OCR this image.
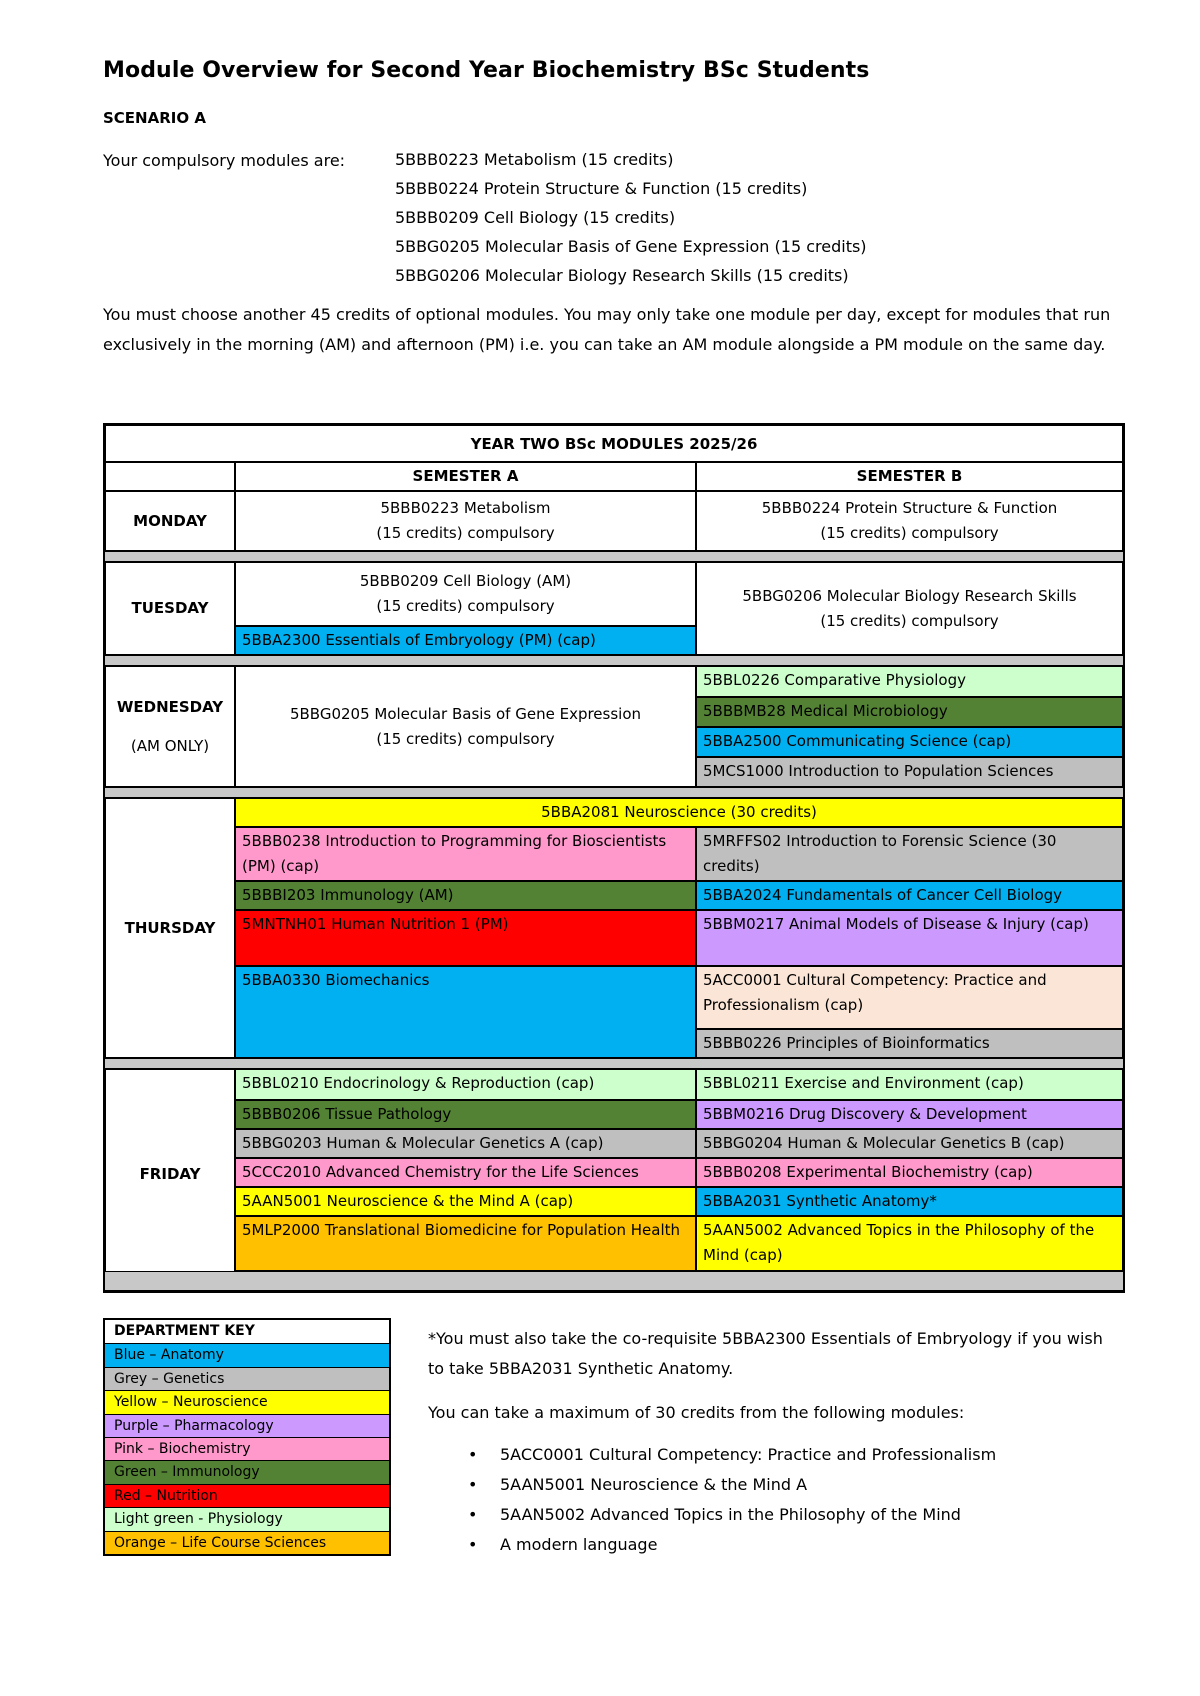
Module Overview for Second Year Biochemistry BSc Students
SCENARIO A
Your compulsory modules are:	5BBB0223 Metabolism (15 credits)
5BBB0224 Protein Structure & Function (15 credits)
5BBB0209 Cell Biology (15 credits)
5BBG0205 Molecular Basis of Gene Expression (15 credits)
5BBG0206 Molecular Biology Research Skills (15 credits)
You must choose another 45 credits of optional modules. You may only take one module per day, except for modules that run exclusively in the morning (AM) and afternoon (PM) i.e. you can take an AM module alongside a PM module on the same day.
YEAR TWO BSc MODULES 2025/26
SEMESTER A	SEMESTER B
MONDAY
5BBB0223 Metabolism
(15 credits) compulsory
5BBB0224 Protein Structure & Function
(15 credits) compulsory
TUESDAY
5BBB0209 Cell Biology (AM)
(15 credits) compulsory
5BBA2300 Essentials of Embryology (PM) (cap)
5BBG0206 Molecular Biology Research Skills
(15 credits) compulsory
WEDNESDAY
(AM ONLY)
5BBG0205 Molecular Basis of Gene Expression
(15 credits) compulsory
5BBL0226 Comparative Physiology
5BBBMB28 Medical Microbiology
5BBA2500 Communicating Science (cap)
5MCS1000 Introduction to Population Sciences
THURSDAY
5BBA2081 Neuroscience (30 credits)
5BBB0238 Introduction to Programming for Bioscientists (PM) (cap)
5BBBI203 Immunology (AM)
5MNTNH01 Human Nutrition 1 (PM)
5BBA0330 Biomechanics
5MRFFS02 Introduction to Forensic Science (30 credits)
5BBA2024 Fundamentals of Cancer Cell Biology
5BBM0217 Animal Models of Disease & Injury (cap)
5ACC0001 Cultural Competency: Practice and Professionalism (cap)
5BBB0226 Principles of Bioinformatics
FRIDAY
5BBL0210 Endocrinology & Reproduction (cap)
5BBB0206 Tissue Pathology
5BBG0203 Human & Molecular Genetics A (cap)
5CCC2010 Advanced Chemistry for the Life Sciences
5AAN5001 Neuroscience & the Mind A (cap)
5MLP2000 Translational Biomedicine for Population Health
5BBL0211 Exercise and Environment (cap)
5BBM0216 Drug Discovery & Development
5BBG0204 Human & Molecular Genetics B (cap)
5BBB0208 Experimental Biochemistry (cap)
5BBA2031 Synthetic Anatomy*
5AAN5002 Advanced Topics in the Philosophy of the Mind (cap)
DEPARTMENT KEY
Blue – Anatomy
Grey – Genetics
Yellow – Neuroscience
Purple – Pharmacology
Pink – Biochemistry
Green – Immunology
Red – Nutrition
Light green - Physiology
Orange – Life Course Sciences

*You must also take the co-requisite 5BBA2300 Essentials of Embryology if you wish to take 5BBA2031 Synthetic Anatomy.

You can take a maximum of 30 credits from the following modules:

• 5ACC0001 Cultural Competency: Practice and Professionalism
• 5AAN5001 Neuroscience & the Mind A
• 5AAN5002 Advanced Topics in the Philosophy of the Mind
• A modern language
